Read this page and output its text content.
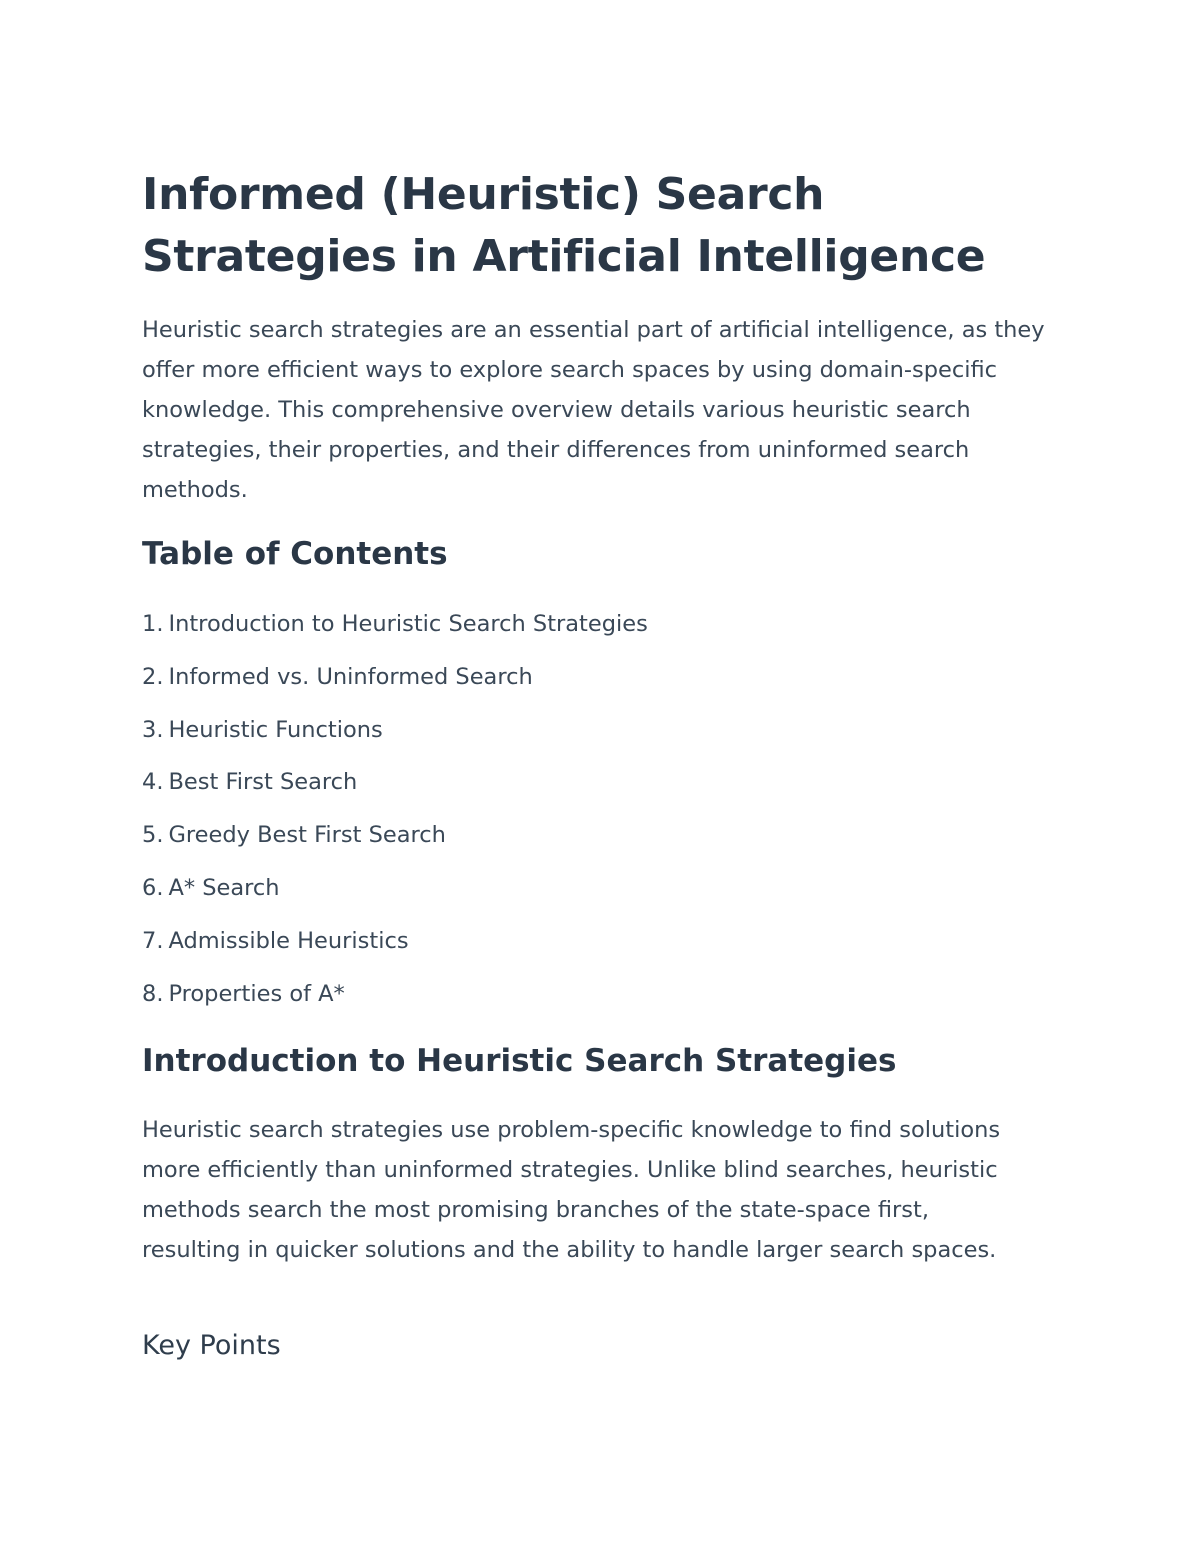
Informed (Heuristic) Search Strategies in Artificial Intelligence

Heuristic search strategies are an essential part of artificial intelligence, as they offer more efficient ways to explore search spaces by using domain-specific knowledge. This comprehensive overview details various heuristic search strategies, their properties, and their differences from uninformed search methods.

Table of Contents
1. Introduction to Heuristic Search Strategies
2. Informed vs. Uninformed Search
3. Heuristic Functions
4. Best First Search
5. Greedy Best First Search
6. A* Search
7. Admissible Heuristics
8. Properties of A*
Introduction to Heuristic Search Strategies

Heuristic search strategies use problem-specific knowledge to find solutions more efficiently than uninformed strategies. Unlike blind searches, heuristic methods search the most promising branches of the state-space first, resulting in quicker solutions and the ability to handle larger search spaces.

Key Points
